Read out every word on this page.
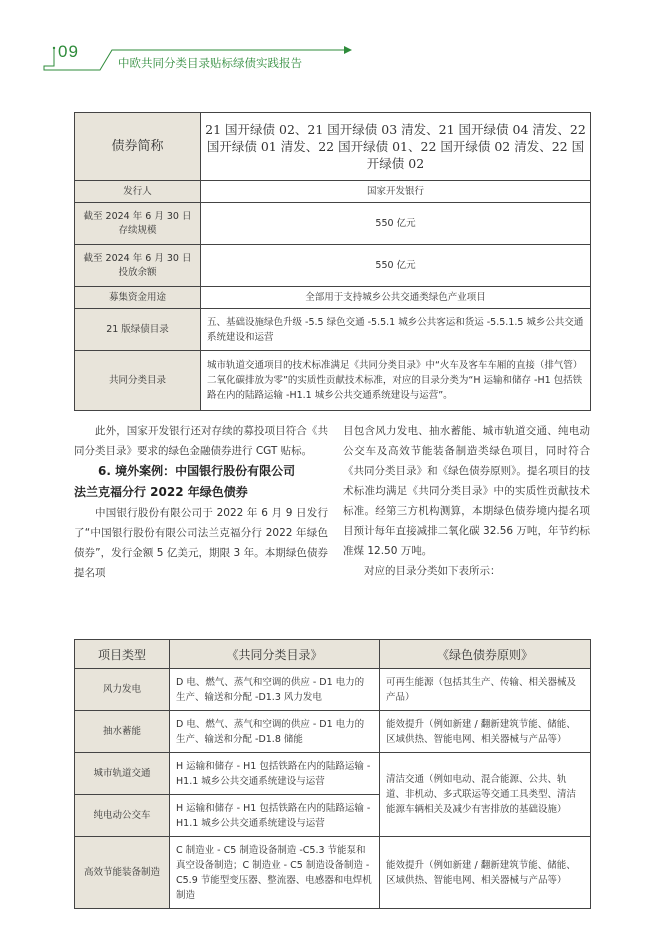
09
中欧共同分类目录贴标绿债实践报告
债券简称	21 国开绿债 02、21 国开绿债 03 清发、21 国开绿债 04 清发、22 国开绿债 01 清发、22 国开绿债 01、22 国开绿债 02 清发、22 国开绿债 02
发行人	国家开发银行
截至 2024 年 6 月 30 日存续规模	550 亿元
截至 2024 年 6 月 30 日投放余额	550 亿元
募集资金用途	全部用于支持城乡公共交通类绿色产业项目
21 版绿债目录	五、基础设施绿色升级 -5.5 绿色交通 -5.5.1 城乡公共客运和货运 -5.5.1.5 城乡公共交通系统建设和运营
共同分类目录	城市轨道交通项目的技术标准满足《共同分类目录》中“火车及客车车厢的直接（排气管）二氧化碳排放为零”的实质性贡献技术标准，对应的目录分类为“H 运输和储存 -H1 包括铁路在内的陆路运输 -H1.1 城乡公共交通系统建设与运营”。

此外，国家开发银行还对存续的募投项目符合《共同分类目录》要求的绿色金融债券进行 CGT 贴标。

6. 境外案例：中国银行股份有限公司
法兰克福分行 2022 年绿色债券

中国银行股份有限公司于 2022 年 6 月 9 日发行了“中国银行股份有限公司法兰克福分行 2022 年绿色债券”，发行金额 5 亿美元，期限 3 年。本期绿色债券提名项

目包含风力发电、抽水蓄能、城市轨道交通、纯电动公交车及高效节能装备制造类绿色项目，同时符合《共同分类目录》和《绿色债券原则》。提名项目的技术标准均满足《共同分类目录》中的实质性贡献技术标准。经第三方机构测算，本期绿色债券境内提名项目预计每年直接减排二氧化碳 32.56 万吨，年节约标准煤 12.50 万吨。

对应的目录分类如下表所示：

项目类型	《共同分类目录》	《绿色债券原则》
风力发电	D 电、燃气、蒸气和空调的供应 - D1 电力的生产、输送和分配 -D1.3 风力发电	可再生能源（包括其生产、传输、相关器械及产品）
抽水蓄能	D 电、燃气、蒸气和空调的供应 - D1 电力的生产、输送和分配 -D1.8 储能	能效提升（例如新建 / 翻新建筑节能、储能、区域供热、智能电网、相关器械与产品等）
城市轨道交通	H 运输和储存 - H1 包括铁路在内的陆路运输 - H1.1 城乡公共交通系统建设与运营	清洁交通（例如电动、混合能源、公共、轨道、非机动、多式联运等交通工具类型、清洁能源车辆相关及减少有害排放的基础设施）
纯电动公交车	H 运输和储存 - H1 包括铁路在内的陆路运输 - H1.1 城乡公共交通系统建设与运营	
高效节能装备制造	C 制造业 - C5 制造设备制造 -C5.3 节能泵和真空设备制造；C 制造业 - C5 制造设备制造 -C5.9 节能型变压器、整流器、电感器和电焊机制造	能效提升（例如新建 / 翻新建筑节能、储能、区域供热、智能电网、相关器械与产品等）
